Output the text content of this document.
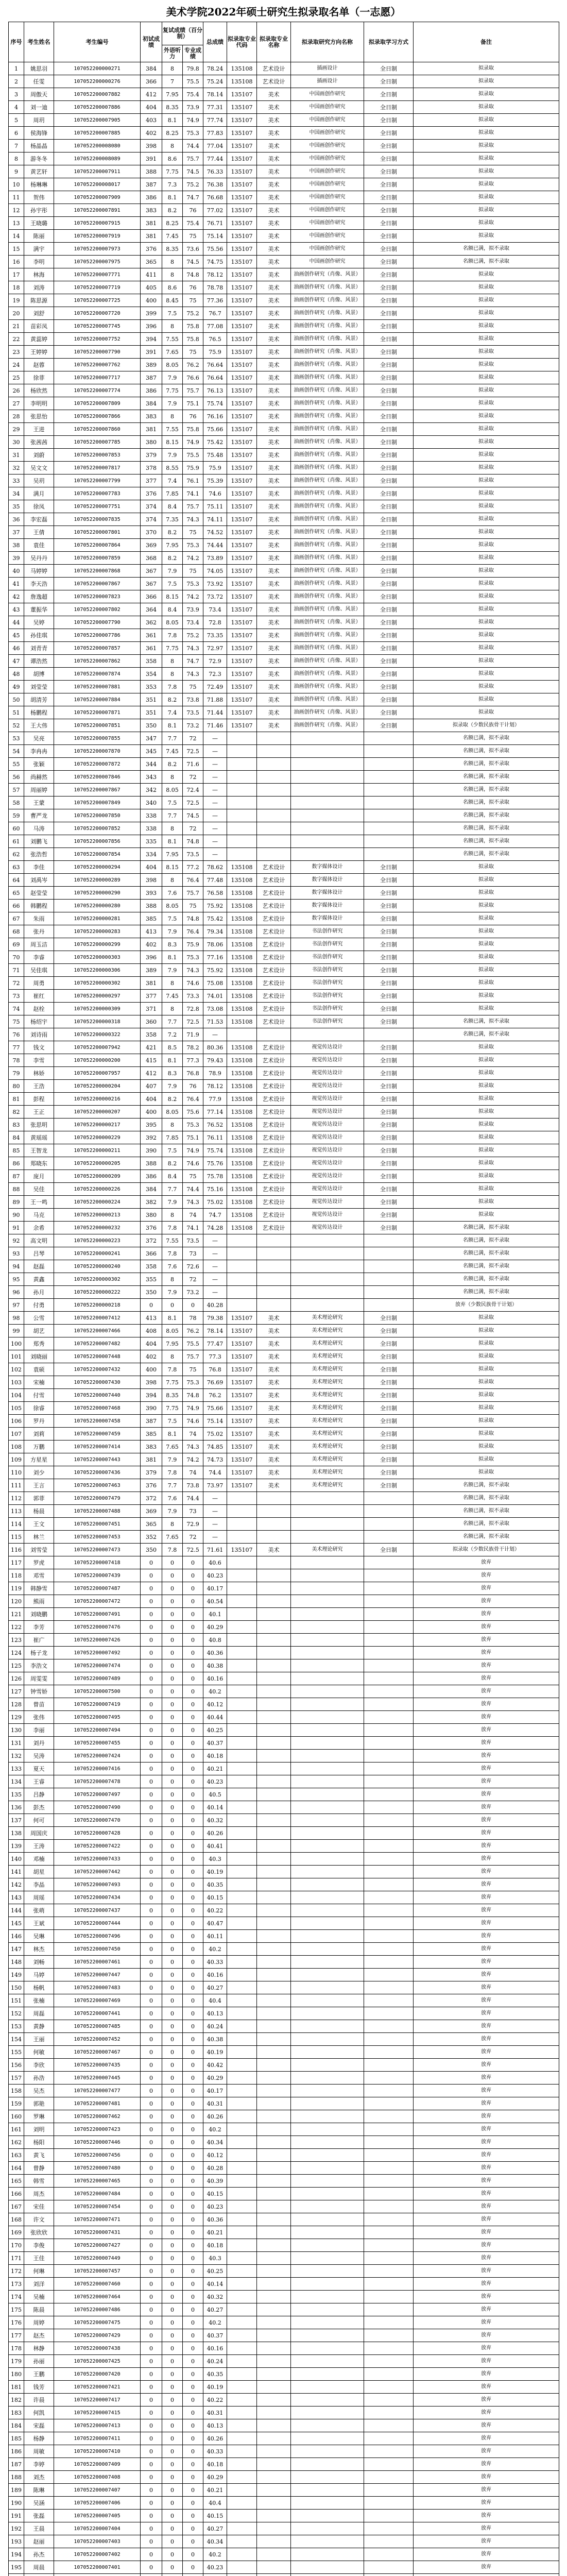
美术学院2022年硕士研究生拟录取名单（一志愿）
序号	考生姓名	考生编号	初试成绩	复试成绩（百分制）		总成绩	拟录取专业代码	拟录取专业名称	拟录取研究方向名称	拟录取学习方式	备注
				外语听力	专业成绩						
1	姚思羽	107052200000271	384	8	79.8	78.24	135108	艺术设计	插画设计	全日制	拟录取
2	任雯	107052200000276	366	7	75.5	75.24	135108	艺术设计	插画设计	全日制	拟录取
3	周傲天	107052200007882	412	7.95	75.4	78.14	135107	美术	中国画创作研究	全日制	拟录取
4	刘一迪	107052200007886	404	8.35	73.9	77.31	135107	美术	中国画创作研究	全日制	拟录取
5	周玥	107052200007905	403	8.1	74.9	77.74	135107	美术	中国画创作研究	全日制	拟录取
6	侯海锋	107052200007885	402	8.25	75.3	77.83	135107	美术	中国画创作研究	全日制	拟录取
7	杨晶晶	107052200008080	398	8	74.4	77.04	135107	美术	中国画创作研究	全日制	拟录取
8	游冬冬	107052200008089	391	8.6	75.7	77.44	135107	美术	中国画创作研究	全日制	拟录取
9	黄艺轩	107052200007911	388	7.75	74.5	76.33	135107	美术	中国画创作研究	全日制	拟录取
10	杨琳琳	107052200008017	387	7.3	75.2	76.38	135107	美术	中国画创作研究	全日制	拟录取
11	贺伟	107052200007909	386	8.1	74.7	76.68	135107	美术	中国画创作研究	全日制	拟录取
12	孙宇彤	107052200007891	383	8.2	76	77.02	135107	美术	中国画创作研究	全日制	拟录取
13	王晓璐	107052200007915	381	8.25	75.4	76.71	135107	美术	中国画创作研究	全日制	拟录取
14	陈丽	107052200007919	381	7.45	75	75.14	135107	美术	中国画创作研究	全日制	拟录取
15	满宇	107052200007973	376	8.35	73.6	75.56	135107	美术	中国画创作研究	全日制	名额已满，拟不录取
16	李明	107052200007975	365	8	74.5	74.75	135107	美术	中国画创作研究	全日制	名额已满，拟不录取
17	林海	107052200007771	411	8	74.8	78.12	135107	美术	油画创作研究（肖像、风景）	全日制	拟录取
18	刘涛	107052200007719	405	8.6	76	78.78	135107	美术	油画创作研究（肖像、风景）	全日制	拟录取
19	陈思源	107052200007725	400	8.45	75	77.36	135107	美术	油画创作研究（肖像、风景）	全日制	拟录取
20	刘舒	107052200007720	399	7.5	75.2	76.7	135107	美术	油画创作研究（肖像、风景）	全日制	拟录取
21	苗彩凤	107052200007745	396	8	75.8	77.08	135107	美术	油画创作研究（肖像、风景）	全日制	拟录取
22	黄蕊婷	107052200007752	394	7.55	75.8	76.5	135107	美术	油画创作研究（肖像、风景）	全日制	拟录取
23	王婷婷	107052200007790	391	7.65	75	75.9	135107	美术	油画创作研究（肖像、风景）	全日制	拟录取
24	赵蓉	107052200007762	389	8.05	76.2	76.64	135107	美术	油画创作研究（肖像、风景）	全日制	拟录取
25	徐菲	107052200007717	387	7.9	76.6	76.64	135107	美术	油画创作研究（肖像、风景）	全日制	拟录取
26	杨欣然	107052200007774	386	7.75	75.7	76.13	135107	美术	油画创作研究（肖像、风景）	全日制	拟录取
27	李明明	107052200007809	384	7.9	75.1	75.74	135107	美术	油画创作研究（肖像、风景）	全日制	拟录取
28	张思怡	107052200007866	383	8	76	76.16	135107	美术	油画创作研究（肖像、风景）	全日制	拟录取
29	王进	107052200007860	381	7.55	75.8	75.66	135107	美术	油画创作研究（肖像、风景）	全日制	拟录取
30	张茜茜	107052200007785	380	8.15	74.9	75.42	135107	美术	油画创作研究（肖像、风景）	全日制	拟录取
31	刘蔚	107052200007853	379	7.9	75.5	75.48	135107	美术	油画创作研究（肖像、风景）	全日制	拟录取
32	吴文文	107052200007817	378	8.55	75.9	75.9	135107	美术	油画创作研究（肖像、风景）	全日制	拟录取
33	吴玥	107052200007799	377	7.4	76.1	75.39	135107	美术	油画创作研究（肖像、风景）	全日制	拟录取
34	满月	107052200007783	376	7.85	74.1	74.6	135107	美术	油画创作研究（肖像、风景）	全日制	拟录取
35	徐凤	107052200007751	374	8.4	75.7	75.11	135107	美术	油画创作研究（肖像、风景）	全日制	拟录取
36	李宏磊	107052200007835	374	7.35	74.3	74.11	135107	美术	油画创作研究（肖像、风景）	全日制	拟录取
37	王倩	107052200007801	370	8.2	75	74.52	135107	美术	油画创作研究（肖像、风景）	全日制	拟录取
38	袁佳	107052200007864	369	7.95	75.3	74.44	135107	美术	油画创作研究（肖像、风景）	全日制	拟录取
39	吴丹丹	107052200007859	368	8.2	74.2	73.89	135107	美术	油画创作研究（肖像、风景）	全日制	拟录取
40	马婷婷	107052200007868	367	7.9	75	74.05	135107	美术	油画创作研究（肖像、风景）	全日制	拟录取
41	李天浩	107052200007867	367	7.5	75.3	73.92	135107	美术	油画创作研究（肖像、风景）	全日制	拟录取
42	詹逸超	107052200007823	366	8.15	74.2	73.72	135107	美术	油画创作研究（肖像、风景）	全日制	拟录取
43	董振华	107052200007802	364	8.4	73.9	73.4	135107	美术	油画创作研究（肖像、风景）	全日制	拟录取
44	吴婷	107052200007790	362	8.05	73.4	72.8	135107	美术	油画创作研究（肖像、风景）	全日制	拟录取
45	孙佳琪	107052200007786	361	7.8	75.2	73.35	135107	美术	油画创作研究（肖像、风景）	全日制	拟录取
46	刘青青	107052200007857	361	7.75	74.3	72.97	135107	美术	油画创作研究（肖像、风景）	全日制	拟录取
47	谭浩然	107052200007862	358	8	74.7	72.9	135107	美术	油画创作研究（肖像、风景）	全日制	拟录取
48	胡博	107052200007874	354	8	74.3	72.3	135107	美术	油画创作研究（肖像、风景）	全日制	拟录取
49	刘莹莹	107052200007881	353	7.8	75	72.49	135107	美术	油画创作研究（肖像、风景）	全日制	拟录取
50	胡清芳	107052200007884	351	8.2	73.8	71.88	135107	美术	油画创作研究（肖像、风景）	全日制	拟录取
51	杨鹏程	107052200007871	351	7.4	73.5	71.44	135107	美术	油画创作研究（肖像、风景）	全日制	拟录取
52	王大伟	107052200007851	350	8.1	73.2	71.46	135107	美术	油画创作研究（肖像、风景）	全日制	拟录取（少数民族骨干计划）
53	吴亮	107052200007855	347	7.7	72	—					名额已满，拟不录取
54	李冉冉	107052200007870	345	7.45	72.5	—					名额已满，拟不录取
55	张颖	107052200007872	344	8.2	71.6	—					名额已满，拟不录取
56	尚赫然	107052200007846	343	8	72	—					名额已满，拟不录取
57	周丽婷	107052200007867	342	8.05	72.4	—					名额已满，拟不录取
58	王蒙	107052200007849	340	7.5	72.5	—					名额已满，拟不录取
59	曹严龙	107052200007850	338	7.7	74.5	—					名额已满，拟不录取
60	马涛	107052200007852	338	8	72	—					名额已满，拟不录取
61	刘鹏飞	107052200007856	335	8.1	74.8	—					名额已满，拟不录取
62	张浩哲	107052200007854	334	7.95	73.5	—					名额已满，拟不录取
63	李佳	107052200000294	404	8.15	77.2	78.62	135108	艺术设计	数字媒体设计	全日制	拟录取
64	刘禹岑	107052200000289	398	8	76.4	77.48	135108	艺术设计	数字媒体设计	全日制	拟录取
65	赵莹莹	107052200000290	393	7.6	75.7	76.58	135108	艺术设计	数字媒体设计	全日制	拟录取
66	韩鹏程	107052200000280	388	8.05	75	75.92	135108	艺术设计	数字媒体设计	全日制	拟录取
67	朱雨	107052200000281	385	7.5	74.8	75.42	135108	艺术设计	数字媒体设计	全日制	拟录取
68	张丹	107052200000283	413	7.9	76.4	79.34	135108	艺术设计	书法创作研究	全日制	拟录取
69	周玉洁	107052200000299	402	8.3	75.9	78.06	135108	艺术设计	书法创作研究	全日制	拟录取
70	李睿	107052200000303	396	8.1	75.3	77.16	135108	艺术设计	书法创作研究	全日制	拟录取
71	吴佳琪	107052200000306	389	7.9	74.3	75.92	135108	艺术设计	书法创作研究	全日制	拟录取
72	周勇	107052200000302	381	8	74.6	75.08	135108	艺术设计	书法创作研究	全日制	拟录取
73	崔红	107052200000297	377	7.45	73.3	74.01	135108	艺术设计	书法创作研究	全日制	拟录取
74	赵栓	107052200000309	371	8	72.8	73.08	135108	艺术设计	书法创作研究	全日制	拟录取
75	杨绍宇	107052200000318	360	7.7	72.5	71.53	135108	艺术设计	书法创作研究	全日制	名额已满，拟不录取
76	刘诗雨	107052200000322	358	7.2	71.9	—					名额已满，拟不录取
77	钱文	107052200007942	421	8.5	78.2	80.36	135108	艺术设计	视觉传达设计	全日制	拟录取
78	李雪	107052200000200	415	8.1	77.3	79.43	135108	艺术设计	视觉传达设计	全日制	拟录取
79	林娇	107052200007957	412	8.3	76.8	78.9	135108	艺术设计	视觉传达设计	全日制	拟录取
80	王浩	107052200000204	407	7.9	76	78.12	135108	艺术设计	视觉传达设计	全日制	拟录取
81	彭程	107052200000216	404	8.2	76.4	77.9	135108	艺术设计	视觉传达设计	全日制	拟录取
82	王正	107052200000207	400	8.05	75.6	77.14	135108	艺术设计	视觉传达设计	全日制	拟录取
83	张思明	107052200000217	395	8	75.3	76.52	135108	艺术设计	视觉传达设计	全日制	拟录取
84	黄瑶瑶	107052200000229	392	7.85	75.1	76.11	135108	艺术设计	视觉传达设计	全日制	拟录取
85	王智龙	107052200000211	390	7.5	74.9	75.74	135108	艺术设计	视觉传达设计	全日制	拟录取
86	郑晓东	107052200000205	388	8.2	74.6	75.76	135108	艺术设计	视觉传达设计	全日制	拟录取
87	庞月	107052200000209	386	8.4	75	75.78	135108	艺术设计	视觉传达设计	全日制	拟录取
88	吴佳	107052200000226	384	7.7	74.4	75.16	135108	艺术设计	视觉传达设计	全日制	拟录取
89	王一鸣	107052200000224	382	7.9	74.3	75.02	135108	艺术设计	视觉传达设计	全日制	拟录取
90	马克	107052200000213	380	8	74	74.7	135108	艺术设计	视觉传达设计	全日制	拟录取
91	余希	107052200000232	376	7.8	74.1	74.28	135108	艺术设计	视觉传达设计	全日制	名额已满，拟不录取
92	高文明	107052200000223	372	7.55	73.5	—					名额已满，拟不录取
93	吕琴	107052200000241	366	7.8	73	—					名额已满，拟不录取
94	赵磊	107052200000240	358	7.6	72.6	—					名额已满，拟不录取
95	黄鑫	107052200000302	355	8	72	—					名额已满，拟不录取
96	孙月	107052200000222	350	7.9	73.2	—					名额已满，拟不录取
97	付勇	107052200000218	0	0	0	40.28					放弃（少数民族骨干计划）
98	公雪	107052200007412	413	8.1	78	79.38	135107	美术	美术理论研究	全日制	拟录取
99	胡艺	107052200007466	408	8.05	76.2	78.14	135107	美术	美术理论研究	全日制	拟录取
100	郑秀	107052200007482	404	7.95	75.5	77.47	135107	美术	美术理论研究	全日制	拟录取
101	刘晓丽	107052200007448	402	8	75.7	77.3	135107	美术	美术理论研究	全日制	拟录取
102	袁硕	107052200007432	400	7.8	75	76.8	135107	美术	美术理论研究	全日制	拟录取
103	宋楠	107052200007430	398	7.75	75.3	76.69	135107	美术	美术理论研究	全日制	拟录取
104	付雪	107052200007440	394	8.35	74.8	76.2	135107	美术	美术理论研究	全日制	拟录取
105	徐睿	107052200007468	390	7.75	74.9	75.66	135107	美术	美术理论研究	全日制	拟录取
106	罗丹	107052200007458	387	7.5	74.6	75.14	135107	美术	美术理论研究	全日制	拟录取
107	刘莉	107052200007459	385	8.1	74	75.02	135107	美术	美术理论研究	全日制	拟录取
108	万鹏	107052200007414	383	7.65	74.3	74.85	135107	美术	美术理论研究	全日制	拟录取
109	方星星	107052200007443	381	7.9	74.2	74.73	135107	美术	美术理论研究	全日制	拟录取
110	刘少	107052200007436	379	7.8	74	74.4	135107	美术	美术理论研究	全日制	拟录取
111	王言	107052200007463	376	7.7	73.8	73.97	135107	美术	美术理论研究	全日制	名额已满，拟不录取
112	郭菲	107052200007479	372	7.6	74.4	—					名额已满，拟不录取
113	杨晨	107052200007488	369	7.9	73	—					名额已满，拟不录取
114	王文	107052200007451	365	8	72.9	—					名额已满，拟不录取
115	林兰	107052200007453	352	7.65	72	—					名额已满，拟不录取
116	刘雪莹	107052200007473	350	7.8	72.5	71.61	135107	美术	美术理论研究	全日制	拟录取（少数民族骨干计划）
117	罗虎	107052200007418	0	0	0	40.6					放弃
118	邓雪	107052200007439	0	0	0	40.23					放弃
119	韩静雪	107052200007487	0	0	0	40.17					放弃
120	熊雨	107052200007472	0	0	0	40.54					放弃
121	刘晓鹏	107052200007491	0	0	0	40.1					放弃
122	李芳	107052200007476	0	0	0	40.29					放弃
123	崔广	107052200007426	0	0	0	40.8					放弃
124	杨子龙	107052200007492	0	0	0	40.36					放弃
125	李浩文	107052200007474	0	0	0	40.38					放弃
126	周雯雯	107052200007489	0	0	0	40.16					放弃
127	钟雪娇	107052200007500	0	0	0	40.2					放弃
128	曾苗	107052200007419	0	0	0	40.12					放弃
129	张伟	107052200007495	0	0	0	40.44					放弃
130	李丽	107052200007494	0	0	0	40.25					放弃
131	刘丹	107052200007455	0	0	0	40.37					放弃
132	吴涛	107052200007424	0	0	0	40.18					放弃
133	夏天	107052200007416	0	0	0	40.21					放弃
134	王睿	107052200007478	0	0	0	40.23					放弃
135	吕静	107052200007497	0	0	0	40.5					放弃
136	彭杰	107052200007490	0	0	0	40.14					放弃
137	何可	107052200007470	0	0	0	40.32					放弃
138	周国庆	107052200007428	0	0	0	40.26					放弃
139	王涛	107052200007422	0	0	0	40.41					放弃
140	邓楠	107052200007433	0	0	0	40.3					放弃
141	胡星	107052200007442	0	0	0	40.19					放弃
142	李晶	107052200007493	0	0	0	40.35					放弃
143	周瑶	107052200007434	0	0	0	40.15					放弃
144	张萌	107052200007437	0	0	0	40.22					放弃
145	王斌	107052200007444	0	0	0	40.47					放弃
146	吴琳	107052200007496	0	0	0	40.11					放弃
147	林杰	107052200007450	0	0	0	40.2					放弃
148	刘畅	107052200007461	0	0	0	40.33					放弃
149	马婷	107052200007447	0	0	0	40.16					放弃
150	杨帆	107052200007483	0	0	0	40.27					放弃
151	张楠	107052200007469	0	0	0	40.4					放弃
152	周磊	107052200007441	0	0	0	40.13					放弃
153	黄静	107052200007485	0	0	0	40.24					放弃
154	王丽	107052200007452	0	0	0	40.38					放弃
155	何敏	107052200007467	0	0	0	40.19					放弃
156	李欣	107052200007435	0	0	0	40.42					放弃
157	孙浩	107052200007445	0	0	0	40.29					放弃
158	吴杰	107052200007477	0	0	0	40.17					放弃
159	郭艳	107052200007481	0	0	0	40.31					放弃
160	罗琳	107052200007462	0	0	0	40.26					放弃
161	刘明	107052200007423	0	0	0	40.2					放弃
162	杨阳	107052200007446	0	0	0	40.34					放弃
163	黄飞	107052200007456	0	0	0	40.12					放弃
164	曾静	107052200007480	0	0	0	40.28					放弃
165	韩雪	107052200007465	0	0	0	40.39					放弃
166	周杰	107052200007484	0	0	0	40.15					放弃
167	宋佳	107052200007454	0	0	0	40.23					放弃
168	许文	107052200007471	0	0	0	40.36					放弃
169	张欣欣	107052200007431	0	0	0	40.21					放弃
170	李俊	107052200007427	0	0	0	40.18					放弃
171	王佳	107052200007449	0	0	0	40.3					放弃
172	何琳	107052200007457	0	0	0	40.25					放弃
173	刘洋	107052200007460	0	0	0	40.14					放弃
174	吴楠	107052200007464	0	0	0	40.32					放弃
175	陈晨	107052200007486	0	0	0	40.27					放弃
176	周婷	107052200007475	0	0	0	40.2					放弃
177	赵杰	107052200007429	0	0	0	40.37					放弃
178	林静	107052200007438	0	0	0	40.16					放弃
179	孙丽	107052200007425	0	0	0	40.24					放弃
180	王鹏	107052200007420	0	0	0	40.35					放弃
181	钱芳	107052200007421	0	0	0	40.19					放弃
182	许晨	107052200007417	0	0	0	40.22					放弃
183	何凯	107052200007415	0	0	0	40.31					放弃
184	宋磊	107052200007413	0	0	0	40.13					放弃
185	杨静	107052200007411	0	0	0	40.26					放弃
186	周敏	107052200007410	0	0	0	40.33					放弃
187	李婷	107052200007409	0	0	0	40.18					放弃
188	刘杰	107052200007408	0	0	0	40.29					放弃
189	陈琳	107052200007407	0	0	0	40.21					放弃
190	吴涵	107052200007406	0	0	0	40.4					放弃
191	张磊	107052200007405	0	0	0	40.15					放弃
192	王晨	107052200007404	0	0	0	40.27					放弃
193	赵丽	107052200007403	0	0	0	40.34					放弃
194	孙杰	107052200007402	0	0	0	40.2					放弃
195	周晨	107052200007401	0	0	0	40.23					放弃
